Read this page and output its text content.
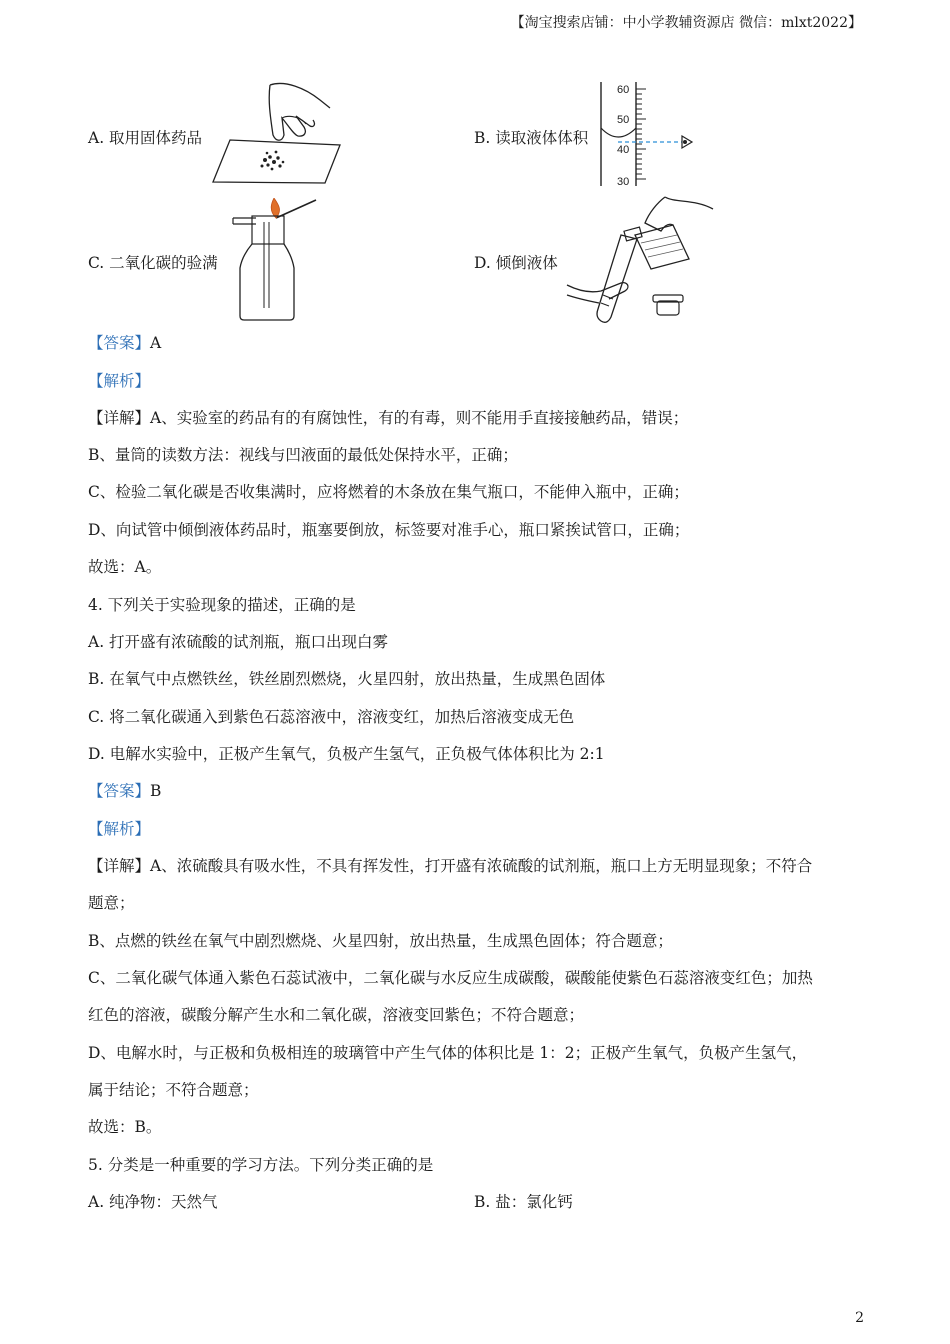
【淘宝搜索店铺：中小学教辅资源店 微信：mlxt2022】
A. 取用固体药品	B. 读取液体体积
60
50
40
30
C. 二氧化碳的验满	D. 倾倒液体
【答案】A
【解析】
【详解】A、实验室的药品有的有腐蚀性，有的有毒，则不能用手直接接触药品，错误；
B、量筒的读数方法：视线与凹液面的最低处保持水平，正确；
C、检验二氧化碳是否收集满时，应将燃着的木条放在集气瓶口，不能伸入瓶中，正确；
D、向试管中倾倒液体药品时，瓶塞要倒放，标签要对准手心，瓶口紧挨试管口，正确；
故选：A。
4. 下列关于实验现象的描述，正确的是
A. 打开盛有浓硫酸的试剂瓶，瓶口出现白雾
B. 在氧气中点燃铁丝，铁丝剧烈燃烧，火星四射，放出热量，生成黑色固体
C. 将二氧化碳通入到紫色石蕊溶液中，溶液变红，加热后溶液变成无色
D. 电解水实验中，正极产生氧气，负极产生氢气，正负极气体体积比为 2:1
【答案】B
【解析】
【详解】A、浓硫酸具有吸水性，不具有挥发性，打开盛有浓硫酸的试剂瓶，瓶口上方无明显现象；不符合
题意；
B、点燃的铁丝在氧气中剧烈燃烧、火星四射，放出热量，生成黑色固体；符合题意；
C、二氧化碳气体通入紫色石蕊试液中，二氧化碳与水反应生成碳酸，碳酸能使紫色石蕊溶液变红色；加热
红色的溶液，碳酸分解产生水和二氧化碳，溶液变回紫色；不符合题意；
D、电解水时，与正极和负极相连的玻璃管中产生气体的体积比是 1：2；正极产生氧气，负极产生氢气，
属于结论；不符合题意；
故选：B。
5. 分类是一种重要的学习方法。下列分类正确的是
A. 纯净物：天然气	B. 盐：氯化钙
2
